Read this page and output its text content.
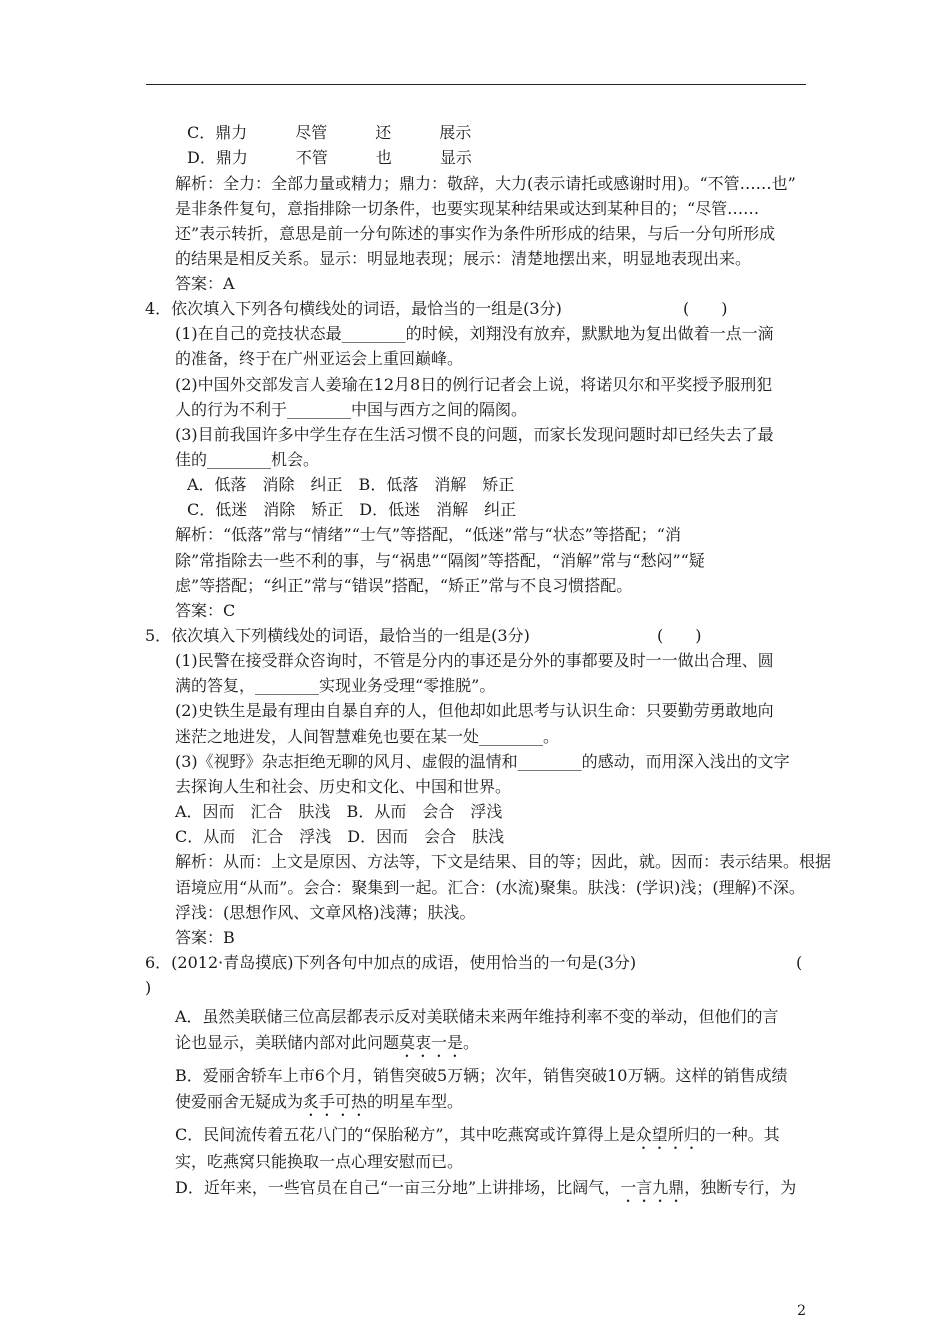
C．鼎力　　　尽管　　　还　　　展示
D．鼎力　　　不管　　　也　　　显示
解析：全力：全部力量或精力；鼎力：敬辞，大力(表示请托或感谢时用)。“不管……也”
是非条件复句，意指排除一切条件，也要实现某种结果或达到某种目的；“尽管……
还”表示转折，意思是前一分句陈述的事实作为条件所形成的结果，与后一分句所形成
的结果是相反关系。显示：明显地表现；展示：清楚地摆出来，明显地表现出来。
答案：A
4．依次填入下列各句横线处的词语，最恰当的一组是(3分)	(　　)
(1)在自己的竞技状态最________的时候，刘翔没有放弃，默默地为复出做着一点一滴
的准备，终于在广州亚运会上重回巅峰。
(2)中国外交部发言人姜瑜在12月8日的例行记者会上说，将诺贝尔和平奖授予服刑犯
人的行为不利于________中国与西方之间的隔阂。
(3)目前我国许多中学生存在生活习惯不良的问题，而家长发现问题时却已经失去了最
佳的________机会。
A．低落　消除　纠正　B．低落　消解　矫正
C．低迷　消除　矫正　D．低迷　消解　纠正
解析：“低落”常与“情绪”“士气”等搭配，“低迷”常与“状态”等搭配；“消
除”常指除去一些不利的事，与“祸患”“隔阂”等搭配，“消解”常与“愁闷”“疑
虑”等搭配；“纠正”常与“错误”搭配，“矫正”常与不良习惯搭配。
答案：C
5．依次填入下列横线处的词语，最恰当的一组是(3分)	(　　)
(1)民警在接受群众咨询时，不管是分内的事还是分外的事都要及时一一做出合理、圆
满的答复，________实现业务受理“零推脱”。
(2)史铁生是最有理由自暴自弃的人，但他却如此思考与认识生命：只要勤劳勇敢地向
迷茫之地进发，人间智慧难免也要在某一处________。
(3)《视野》杂志拒绝无聊的风月、虚假的温情和________的感动，而用深入浅出的文字
去探询人生和社会、历史和文化、中国和世界。
A．因而　汇合　肤浅　B．从而　会合　浮浅
C．从而　汇合　浮浅　D．因而　会合　肤浅
解析：从而：上文是原因、方法等，下文是结果、目的等；因此，就。因而：表示结果。根据
语境应用“从而”。会合：聚集到一起。汇合：(水流)聚集。肤浅：(学识)浅；(理解)不深。
浮浅：(思想作风、文章风格)浅薄；肤浅。
答案：B
6．(2012·青岛摸底)下列各句中加点的成语，使用恰当的一句是(3分)	(
)
A．虽然美联储三位高层都表示反对美联储未来两年维持利率不变的举动，但他们的言
论也显示，美联储内部对此问题莫衷一是。
B．爱丽舍轿车上市6个月，销售突破5万辆；次年，销售突破10万辆。这样的销售成绩
使爱丽舍无疑成为炙手可热的明星车型。
C．民间流传着五花八门的“保胎秘方”，其中吃燕窝或许算得上是众望所归的一种。其
实，吃燕窝只能换取一点心理安慰而已。
D．近年来，一些官员在自己“一亩三分地”上讲排场，比阔气，一言九鼎，独断专行，为
2
